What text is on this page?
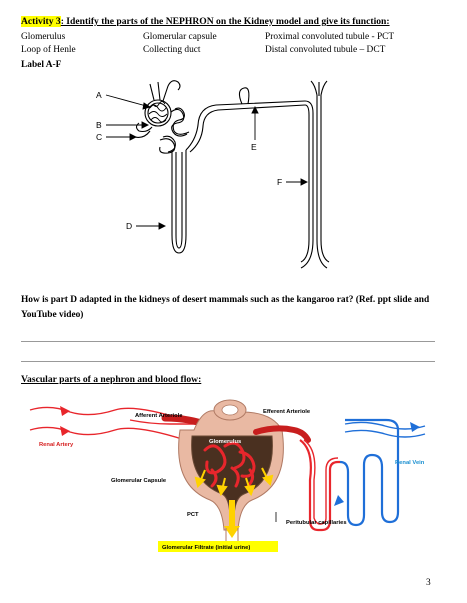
Activity 3: Identify the parts of the NEPHRON on the Kidney model and give its function:
Glomerulus
Loop of Henle
Glomerular capsule
Collecting duct
Proximal convoluted tubule - PCT
Distal convoluted tubule – DCT
Label A-F
A
B
C
D
E
F
How is part D adapted in the kidneys of desert mammals such as the kangaroo rat? (Ref. ppt slide and YouTube video)
Vascular parts of a nephron and blood flow:
Afferent Arteriole
Efferent Arteriole
Renal Artery	Glomerulus
Renal Vein
Glomerular Capsule
PCT
Peritubular capillaries
Glomerular Filtrate (initial urine)
3
